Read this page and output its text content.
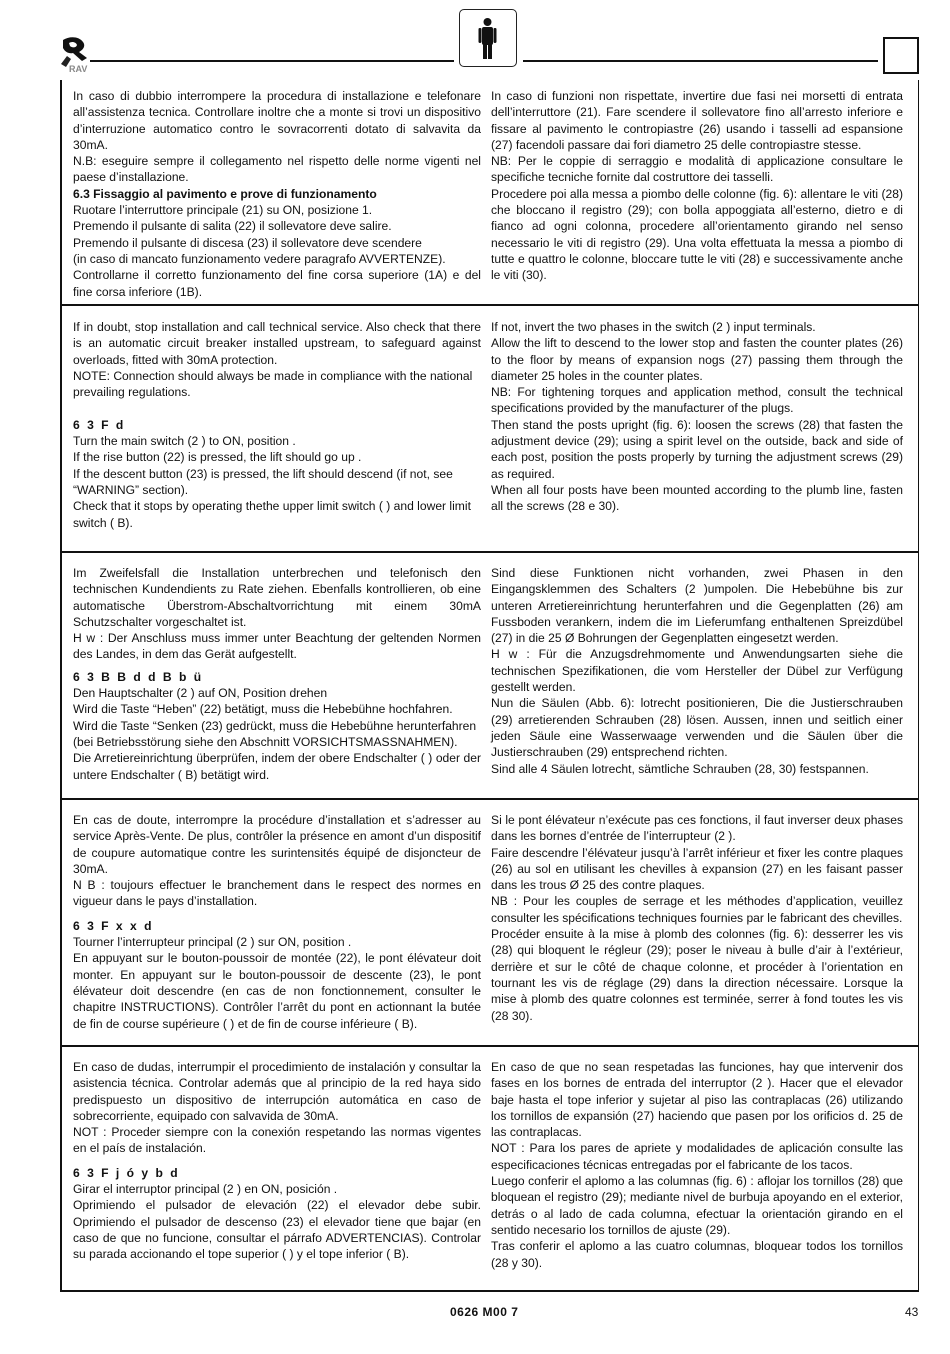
RAV

In caso di dubbio interrompere la procedura di installazione e telefonare all’assistenza tecnica. Controllare inoltre che a monte si trovi un dispositivo d’interruzione automatico contro le sovracorrenti dotato di salvavita da 30mA.

N.B: eseguire sempre il collegamento nel rispetto delle norme vigenti nel paese d’installazione.

6.3 Fissaggio al pavimento e prove di funzionamento

Ruotare l’interruttore principale (21) su ON, posizione 1.

Premendo il pulsante di salita (22) il sollevatore deve salire.

Premendo il pulsante di discesa (23) il sollevatore deve scendere

(in caso di mancato funzionamento vedere paragrafo AVVERTENZE).

Controllarne il corretto funzionamento del fine corsa superiore (1A) e del fine corsa inferiore (1B).

In caso di funzioni non rispettate, invertire due fasi nei morsetti di entrata dell’interruttore (21). Fare scendere il sollevatore fino all’arresto inferiore e fissare al pavimento le contropiastre (26) usando i tasselli ad espansione (27) facendoli passare dai fori diametro 25 delle contropiastre stesse.

NB: Per le coppie di serraggio e modalità di applicazione consultare le specifiche tecniche fornite dal costruttore dei tasselli.

Procedere poi alla messa a piombo delle colonne (fig. 6): allentare le viti (28) che bloccano il registro (29); con bolla appoggiata all’esterno, dietro e di fianco ad ogni colonna, procedere all’orientamento girando nel senso necessario le viti di registro (29). Una volta effettuata la messa a piombo di tutte e quattro le colonne, bloccare tutte le viti (28) e successivamente anche le viti (30).

If in doubt, stop installation and call technical service. Also check that there is an automatic circuit breaker installed upstream, to safeguard against overloads, fitted with 30mA protection.

NOTE: Connection should always be made in compliance with the national prevailing regulations.

6 3 F d

Turn the main switch (2 ) to ON, position .

If the rise button (22) is pressed, the lift should go up .

If the descent button (23) is pressed, the lift should descend (if not, see “WARNING” section).

Check that it stops by operating thethe upper limit switch ( ) and lower limit switch ( B).

If not, invert the two phases in the switch (2 ) input terminals.

Allow the lift to descend to the lower stop and fasten the counter plates (26) to the floor by means of expansion nogs (27) passing them through the diameter 25 holes in the counter plates.

NB: For tightening torques and application method, consult the technical specifications provided by the manufacturer of the plugs.

Then stand the posts upright (fig. 6): loosen the screws (28) that fasten the adjustment device (29); using a spirit level on the outside, back and side of each post, position the posts properly by turning the adjustment screws (29) as required.

When all four posts have been mounted according to the plumb line, fasten all the screws (28 e 30).

Im Zweifelsfall die Installation unterbrechen und telefonisch den technischen Kundendients zu Rate ziehen. Ebenfalls kontrollieren, ob eine automatische Überstrom-Abschaltvorrichtung mit einem 30mA Schutzschalter vorgeschaltet ist.

H w : Der Anschluss muss immer unter Beachtung der geltenden Normen des Landes, in dem das Gerät aufgestellt.

6 3 B B d d B b ü

Den Hauptschalter (2 ) auf ON, Position drehen

Wird die Taste “Heben” (22) betätigt, muss die Hebebühne hochfahren.

Wird die Taste “Senken (23) gedrückt, muss die Hebebühne herunterfahren

(bei Betriebsstörung siehe den Abschnitt VORSICHTSMASSNAHMEN).

Die Arretiereinrichtung überprüfen, indem der obere Endschalter ( ) oder der untere Endschalter ( B) betätigt wird.

Sind diese Funktionen nicht vorhanden, zwei Phasen in den Eingangsklemmen des Schalters (2 )umpolen. Die Hebebühne bis zur unteren Arretiereinrichtung herunterfahren und die Gegenplatten (26) am Fussboden verankern, indem die im Lieferumfang enthaltenen Spreizdübel (27) in die 25 Ø Bohrungen der Gegenplatten eingesetzt werden.

H w : Für die Anzugsdrehmomente und Anwendungsarten siehe die technischen Spezifikationen, die vom Hersteller der Dübel zur Verfügung gestellt werden.

Nun die Säulen (Abb. 6): lotrecht positionieren, Die die Justierschrauben (29) arretierenden Schrauben (28) lösen. Aussen, innen und seitlich einer jeden Säule eine Wasserwaage verwenden und die Säulen über die Justierschrauben (29) entsprechend richten.

Sind alle 4 Säulen lotrecht, sämtliche Schrauben (28, 30) festspannen.

En cas de doute, interrompre la procédure d’installation et s’adresser au service Après-Vente. De plus, contrôler la présence en amont d’un dispositif de coupure automatique contre les surintensités équipé de disjoncteur de 30mA.

N B : toujours effectuer le branchement dans le respect des normes en vigueur dans le pays d’installation.

6 3 F x x d

Tourner l’interrupteur principal (2 ) sur ON, position .

En appuyant sur le bouton-poussoir de montée (22), le pont élévateur doit monter. En appuyant sur le bouton-poussoir de descente (23), le pont élévateur doit descendre (en cas de non fonctionnement, consulter le chapitre INSTRUCTIONS). Contrôler l’arrêt du pont en actionnant la butée de fin de course supérieure ( ) et de fin de course inférieure ( B).

Si le pont élévateur n’exécute pas ces fonctions, il faut inverser deux phases dans les bornes d’entrée de l’interrupteur (2 ).

Faire descendre l’élévateur jusqu’à l’arrêt inférieur et fixer les contre plaques (26) au sol en utilisant les chevilles à expansion (27) en les faisant passer dans les trous Ø 25 des contre plaques.

NB : Pour les couples de serrage et les méthodes d’application, veuillez consulter les spécifications techniques fournies par le fabricant des chevilles.

Procéder ensuite à la mise à plomb des colonnes (fig. 6): desserrer les vis (28) qui bloquent le régleur (29); poser le niveau à bulle d’air à l’extérieur, derrière et sur le côté de chaque colonne, et procéder à l’orientation en tournant les vis de réglage (29) dans la direction nécessaire. Lorsque la mise à plomb des quatre colonnes est terminée, serrer à fond toutes les vis (28 30).

En caso de dudas, interrumpir el procedimiento de instalación y consultar la asistencia técnica. Controlar además que al principio de la red haya sido predispuesto un dispositivo de interrupción automática en caso de sobrecorriente, equipado con salvavida de 30mA.

NOT : Proceder siempre con la conexión respetando las normas vigentes en el país de instalación.

6 3 F j ó y b d

Girar el interruptor principal (2 ) en ON, posición .

Oprimiendo el pulsador de elevación (22) el elevador debe subir. Oprimiendo el pulsador de descenso (23) el elevador tiene que bajar (en caso de que no funcione, consultar el párrafo ADVERTENCIAS). Controlar su parada accionando el tope superior ( ) y el tope inferior ( B).

En caso de que no sean respetadas las funciones, hay que intervenir dos fases en los bornes de entrada del interruptor (2 ). Hacer que el elevador baje hasta el tope inferior y sujetar al piso las contraplacas (26) utilizando los tornillos de expansión (27) haciendo que pasen por los orificios d. 25 de las contraplacas.

NOT : Para los pares de apriete y modalidades de aplicación consulte las especificaciones técnicas entregadas por el fabricante de los tacos.

Luego conferir el aplomo a las columnas (fig. 6) : aflojar los tornillos (28) que bloquean el registro (29); mediante nivel de burbuja apoyando en el exterior, detrás o al lado de cada columna, efectuar la orientación girando en el sentido necesario los tornillos de ajuste (29).

Tras conferir el aplomo a las cuatro columnas, bloquear todos los tornillos (28 y 30).

0626 M00 7	43
